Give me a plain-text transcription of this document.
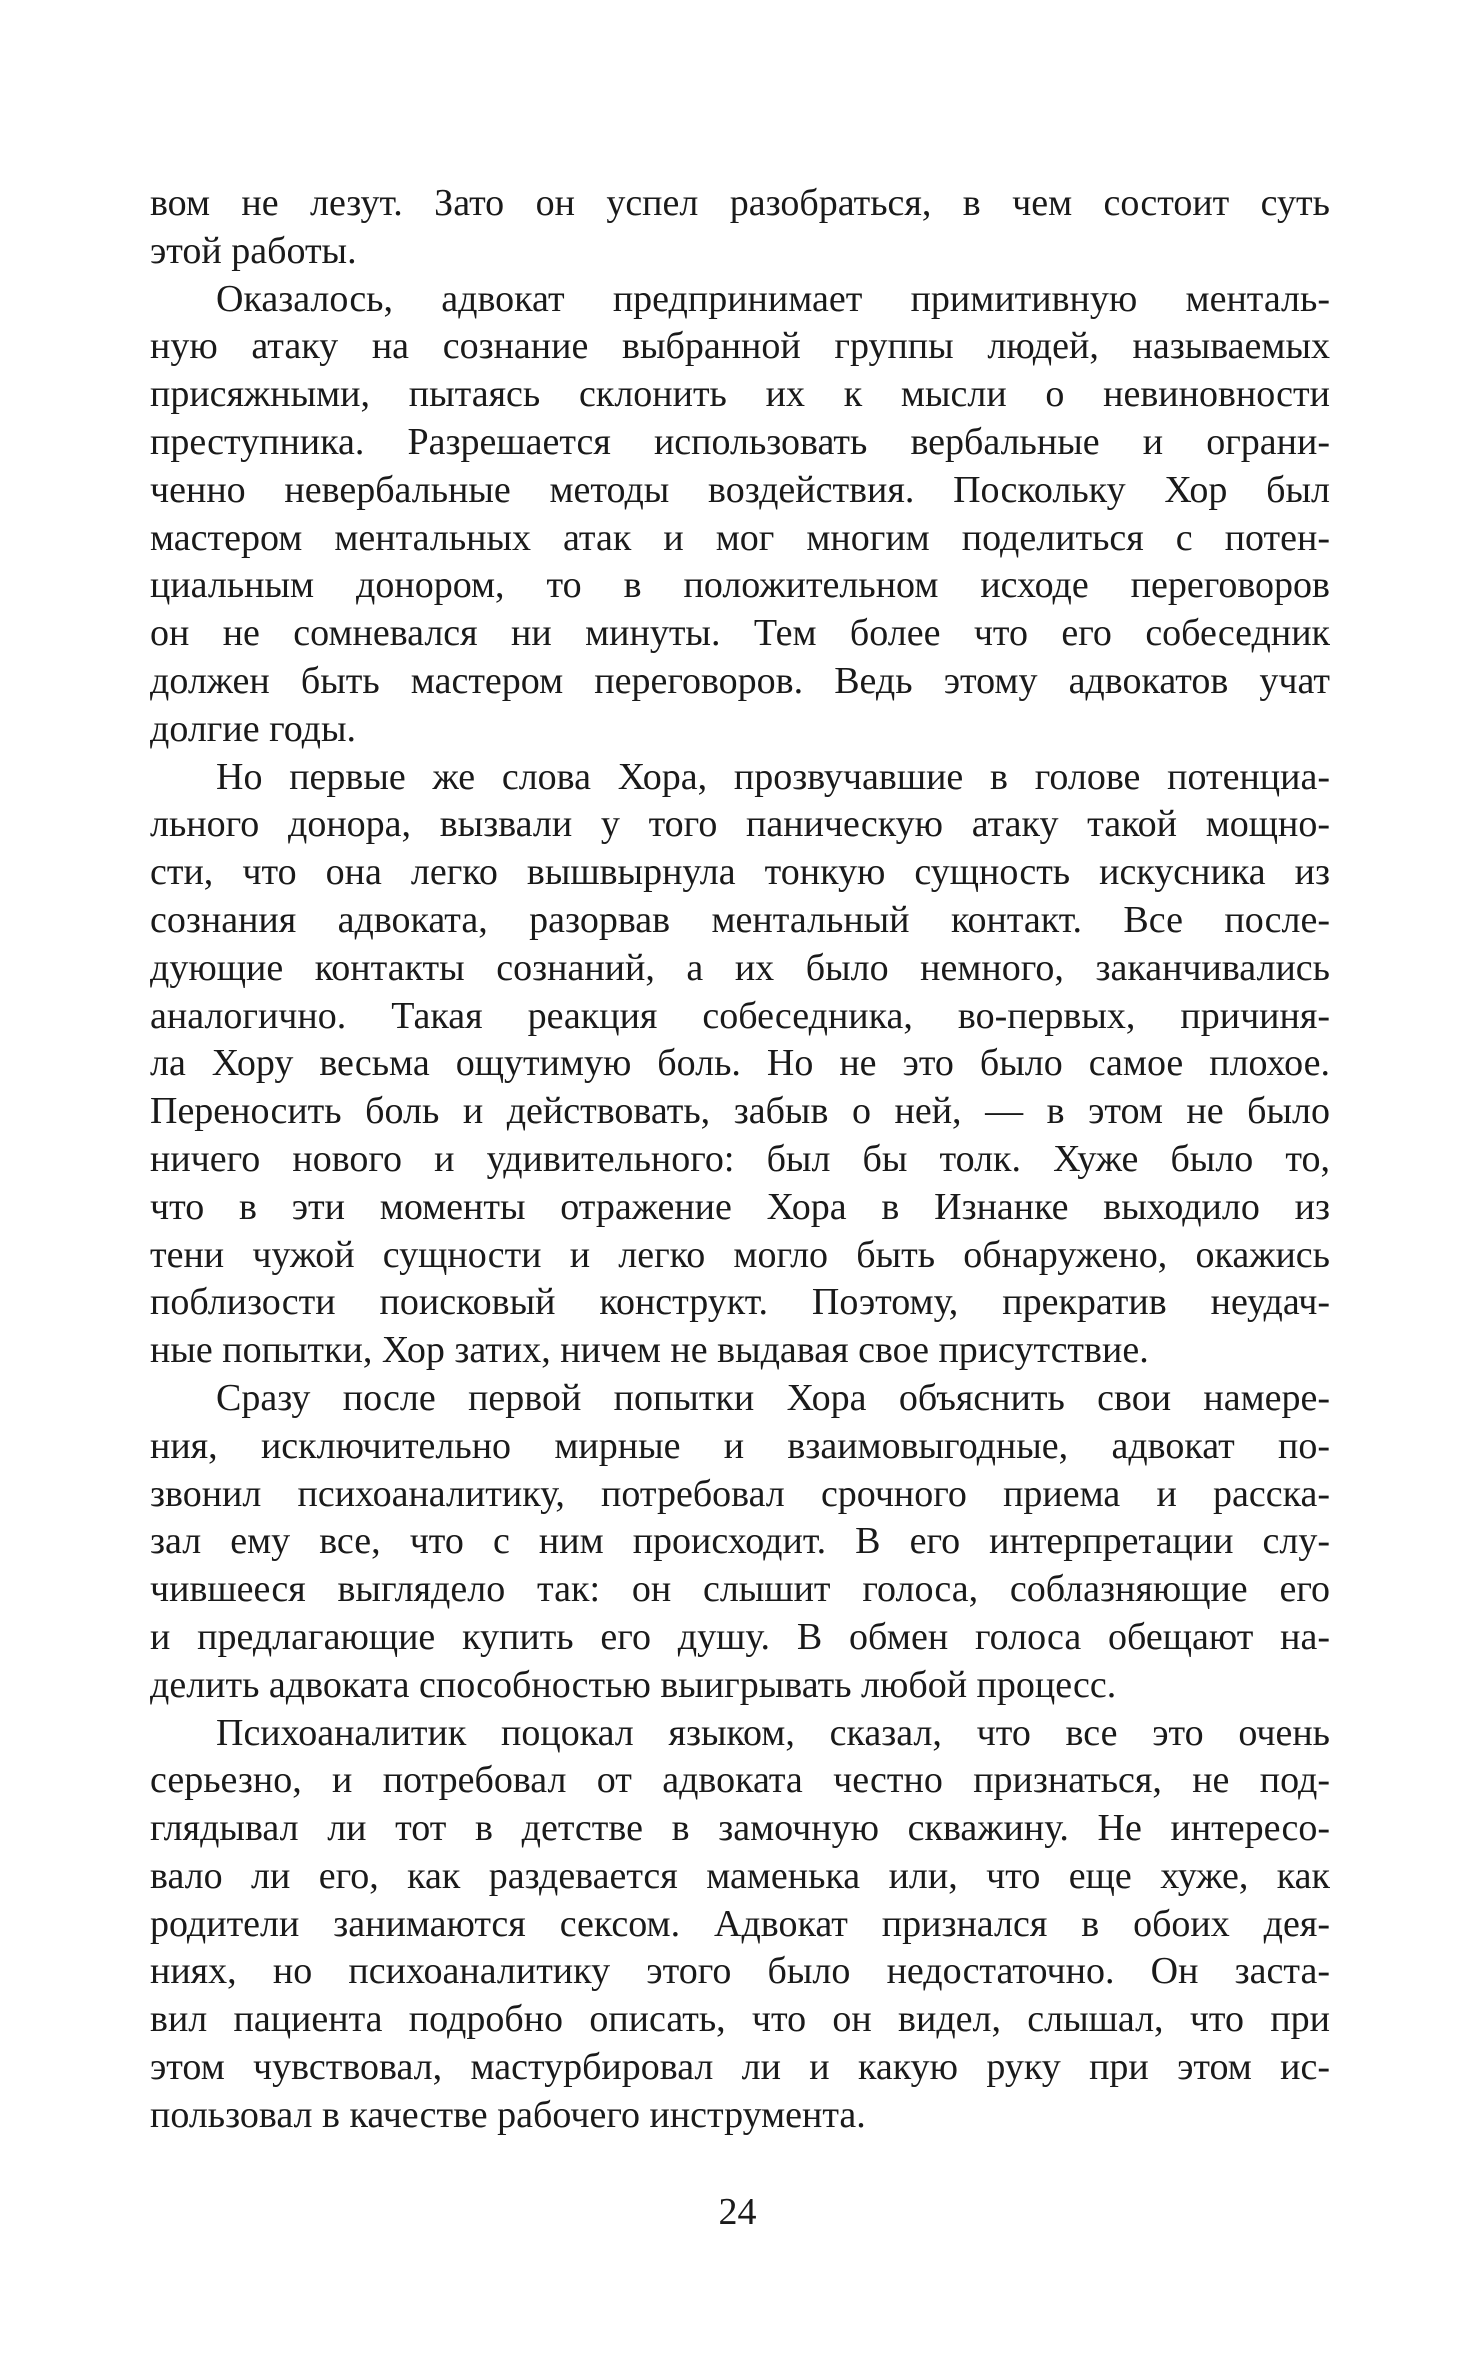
вом не лезут. Зато он успел разобраться, в чем состоит суть
этой работы.
Оказалось, адвокат предпринимает примитивную менталь-
ную атаку на сознание выбранной группы людей, называемых
присяжными, пытаясь склонить их к мысли о невиновности
преступника. Разрешается использовать вербальные и ограни-
ченно невербальные методы воздействия. Поскольку Хор был
мастером ментальных атак и мог многим поделиться с потен-
циальным донором, то в положительном исходе переговоров
он не сомневался ни минуты. Тем более что его собеседник
должен быть мастером переговоров. Ведь этому адвокатов учат
долгие годы.
Но первые же слова Хора, прозвучавшие в голове потенциа-
льного донора, вызвали у того паническую атаку такой мощно-
сти, что она легко вышвырнула тонкую сущность искусника из
сознания адвоката, разорвав ментальный контакт. Все после-
дующие контакты сознаний, а их было немного, заканчивались
аналогично. Такая реакция собеседника, во-первых, причиня-
ла Хору весьма ощутимую боль. Но не это было самое плохое.
Переносить боль и действовать, забыв о ней, — в этом не было
ничего нового и удивительного: был бы толк. Хуже было то,
что в эти моменты отражение Хора в Изнанке выходило из
тени чужой сущности и легко могло быть обнаружено, окажись
поблизости поисковый конструкт. Поэтому, прекратив неудач-
ные попытки, Хор затих, ничем не выдавая свое присутствие.
Сразу после первой попытки Хора объяснить свои намере-
ния, исключительно мирные и взаимовыгодные, адвокат по-
звонил психоаналитику, потребовал срочного приема и расска-
зал ему все, что с ним происходит. В его интерпретации слу-
чившееся выглядело так: он слышит голоса, соблазняющие его
и предлагающие купить его душу. В обмен голоса обещают на-
делить адвоката способностью выигрывать любой процесс.
Психоаналитик поцокал языком, сказал, что все это очень
серьезно, и потребовал от адвоката честно признаться, не под-
глядывал ли тот в детстве в замочную скважину. Не интересо-
вало ли его, как раздевается маменька или, что еще хуже, как
родители занимаются сексом. Адвокат признался в обоих дея-
ниях, но психоаналитику этого было недостаточно. Он заста-
вил пациента подробно описать, что он видел, слышал, что при
этом чувствовал, мастурбировал ли и какую руку при этом ис-
пользовал в качестве рабочего инструмента.
24
